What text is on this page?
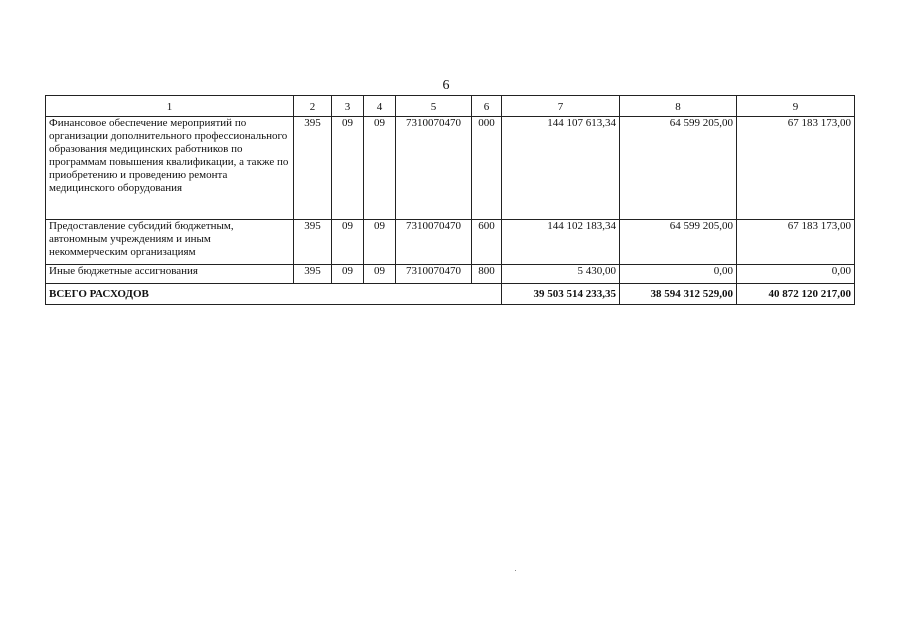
6
1	2	3	4	5	6	7	8	9
Финансовое обеспечение мероприятий по организации дополнительного профессионального образования медицинских работников по программам повышения квалификации, а также по приобретению и проведению ремонта медицинского оборудования	395	09	09	7310070470	000	144 107 613,34	64 599 205,00	67 183 173,00
Предоставление субсидий бюджетным, автономным учреждениям и иным некоммерческим организациям	395	09	09	7310070470	600	144 102 183,34	64 599 205,00	67 183 173,00
Иные бюджетные ассигнования	395	09	09	7310070470	800	5 430,00	0,00	0,00
ВСЕГО РАСХОДОВ						39 503 514 233,35	38 594 312 529,00	40 872 120 217,00
